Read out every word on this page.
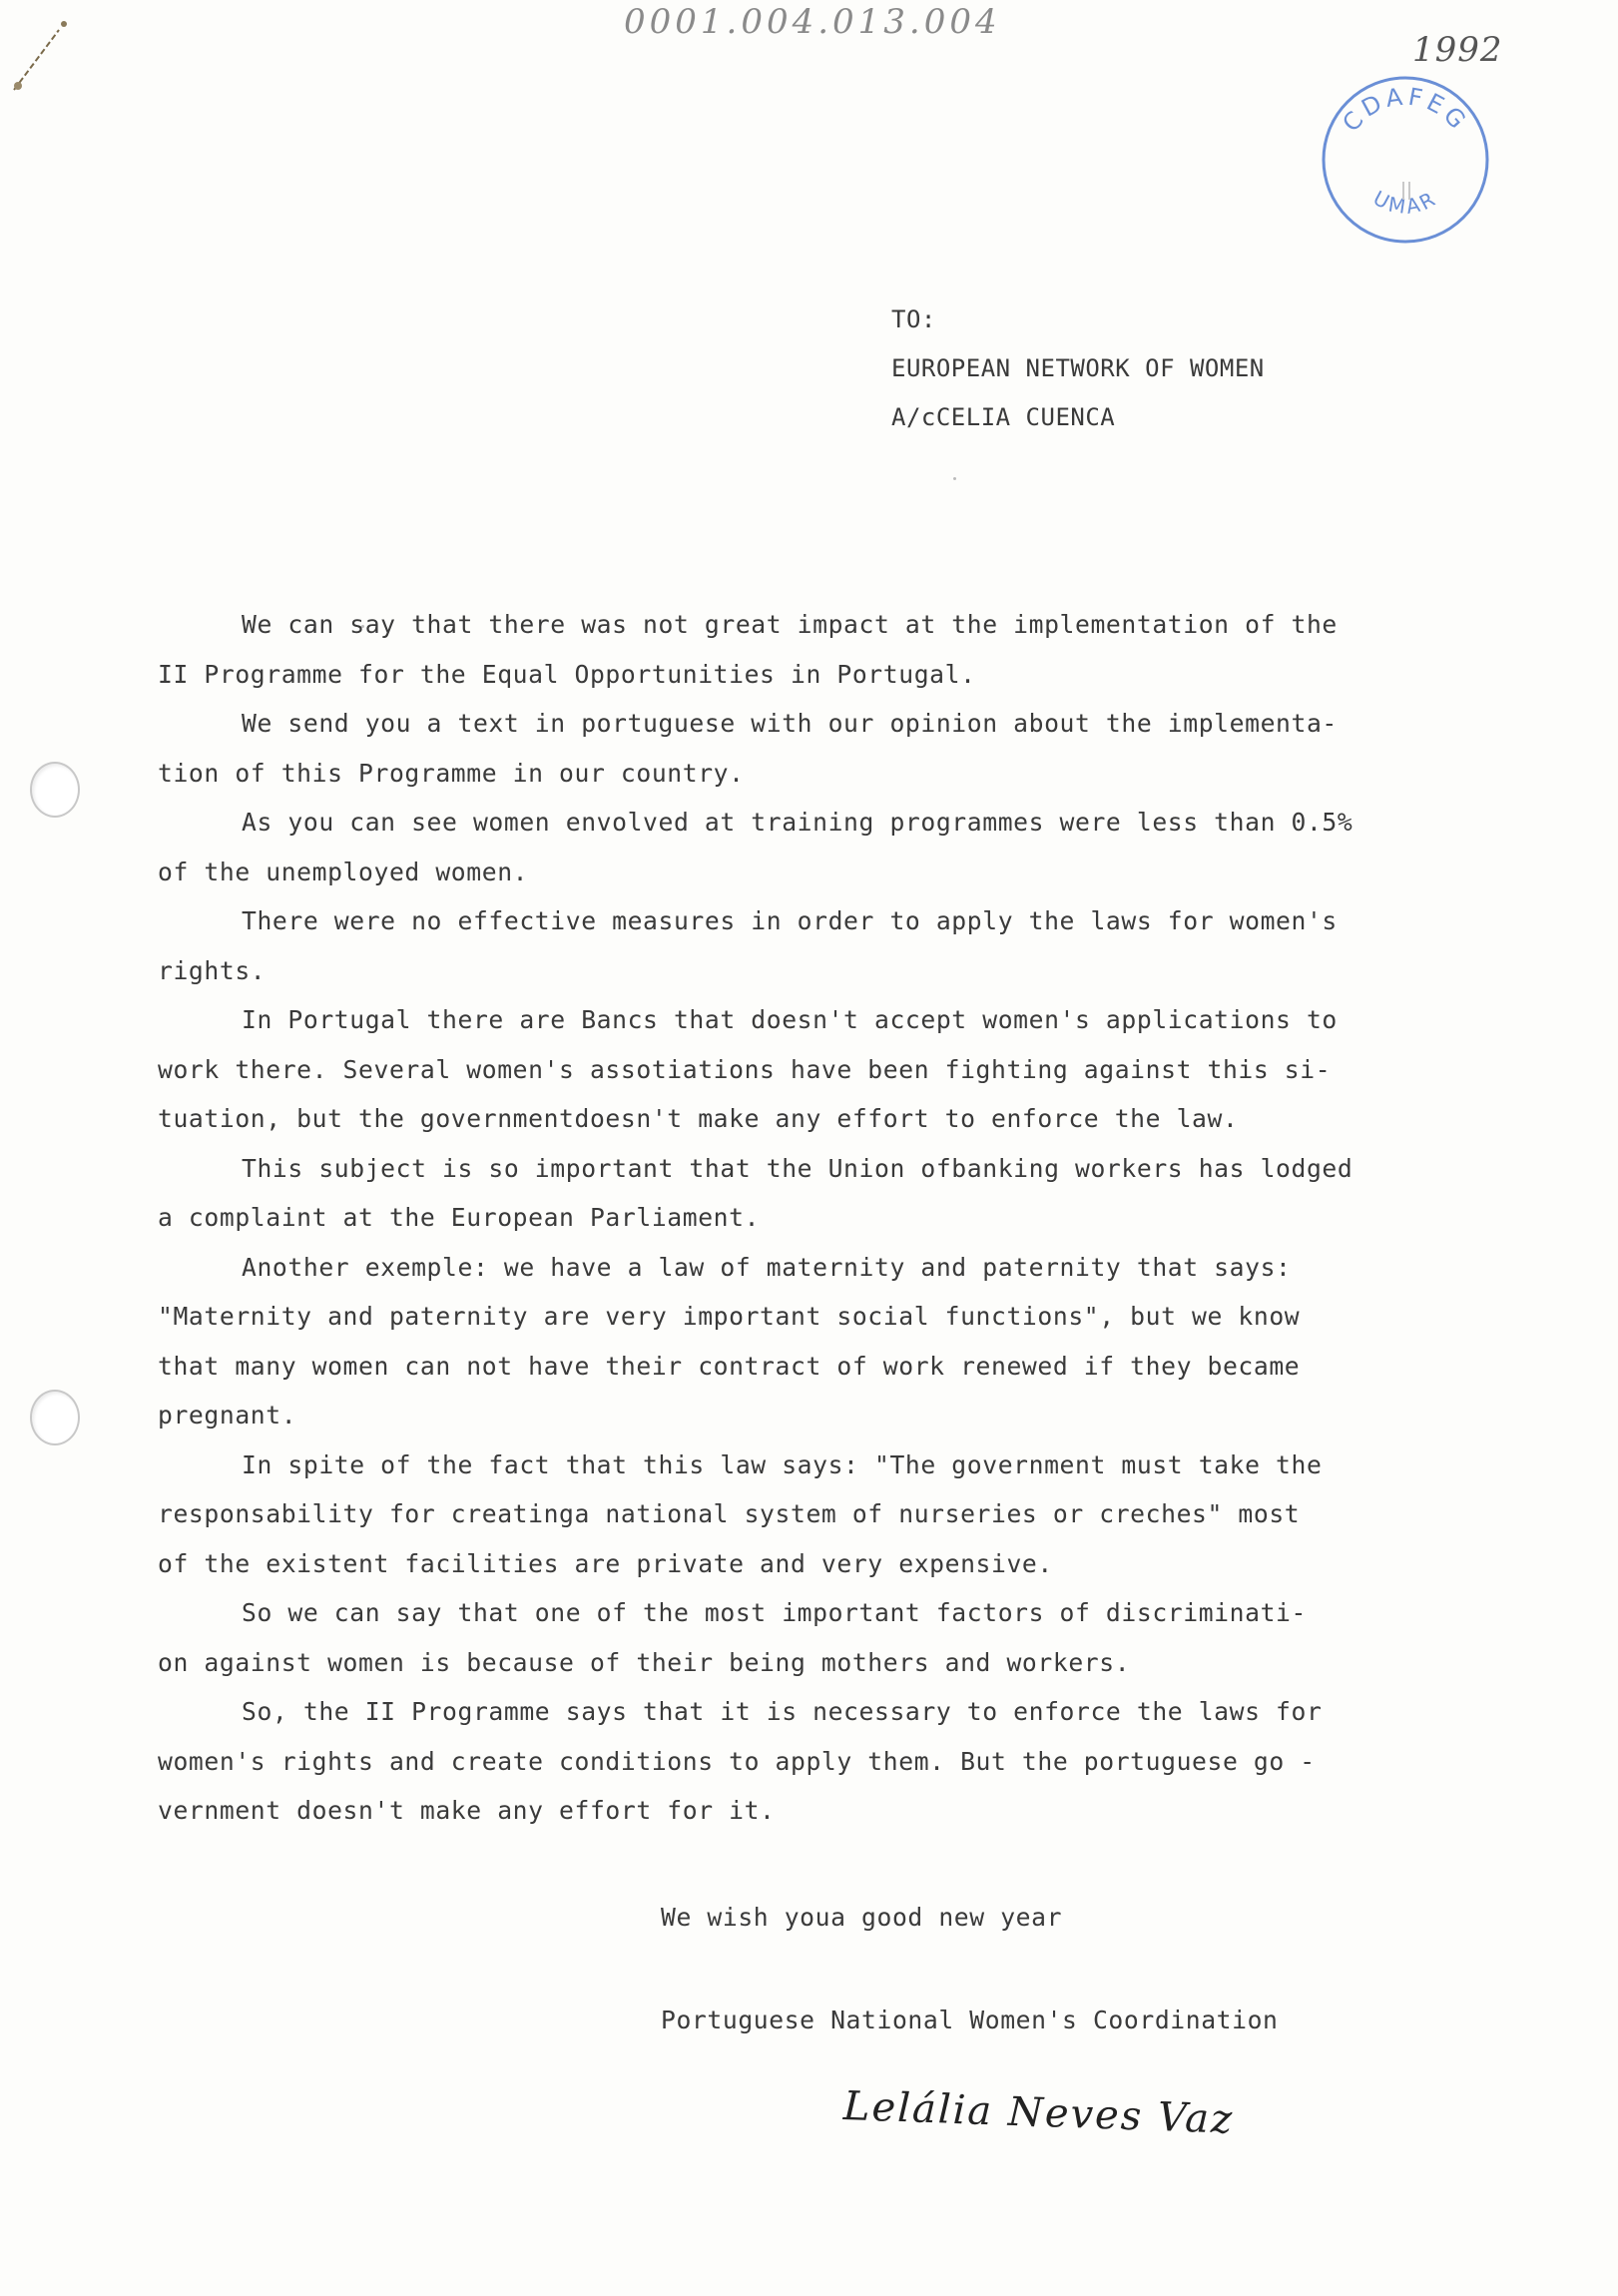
0001.004.013.004
1992
CDAFEG
UMAR
TO:
EUROPEAN NETWORK OF WOMEN
A/cCELIA CUENCA
We can say that there was not great impact at the implementation of the
II Programme for the Equal Opportunities in Portugal.
We send you a text in portuguese with our opinion about the implementa-
tion of this Programme in our country.
As you can see women envolved at training programmes were less than 0.5%
of the unemployed women.
There were no effective measures in order to apply the laws for women's
rights.
In Portugal there are Bancs that doesn't accept women's applications to
work there. Several women's assotiations have been fighting against this si-
tuation, but the governmentdoesn't make any effort to enforce the law.
This subject is so important that the Union ofbanking workers has lodged
a complaint at the European Parliament.
Another exemple: we have a law of maternity and paternity that says:
"Maternity and paternity are very important social functions", but we know
that many women can not have their contract of work renewed if they became
pregnant.
In spite of the fact that this law says: "The government must take the
responsability for creatinga national system of nurseries or creches" most
of the existent facilities are private and very expensive.
So we can say that one of the most important factors of discriminati-
on against women is because of their being mothers and workers.
So, the II Programme says that it is necessary to enforce the laws for
women's rights and create conditions to apply them. But the portuguese go -
vernment doesn't make any effort for it.
We wish youa good new year
Portuguese National Women's Coordination
Lelália Neves Vaz
